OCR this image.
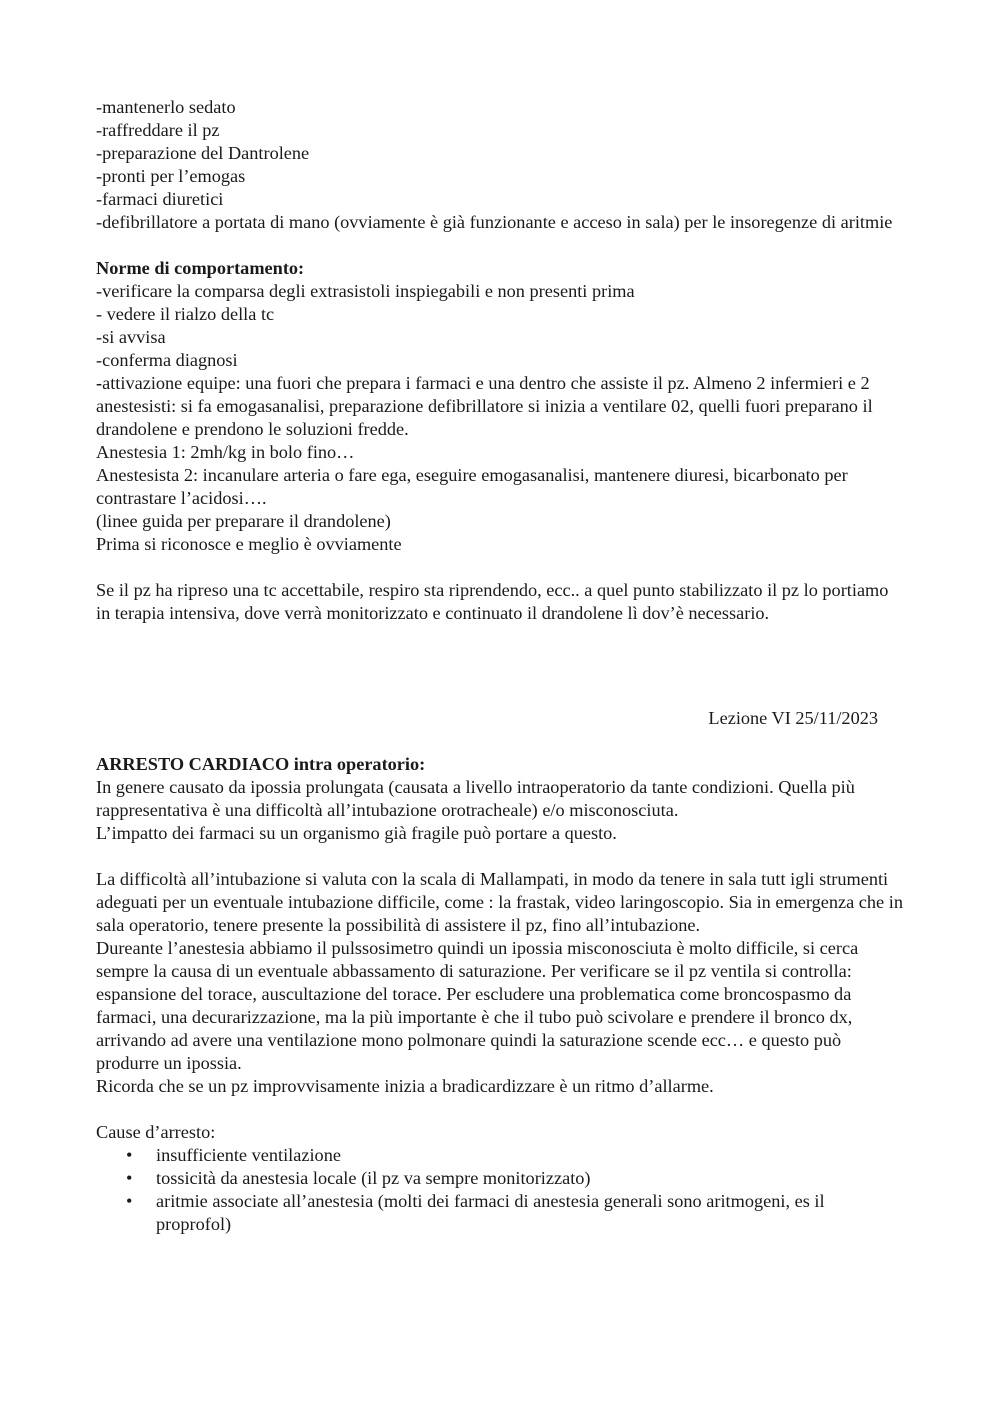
-mantenerlo sedato

-raffreddare il pz

-preparazione del Dantrolene

-pronti per l’emogas

-farmaci diuretici

-defibrillatore a portata di mano (ovviamente è già funzionante e acceso in sala) per le insoregenze di aritmie

Norme di comportamento:

-verificare la comparsa degli extrasistoli inspiegabili e non presenti prima

- vedere il rialzo della tc

-si avvisa

-conferma diagnosi

-attivazione equipe: una fuori che prepara i farmaci e una dentro che assiste il pz. Almeno 2 infermieri e 2 anestesisti: si fa emogasanalisi, preparazione defibrillatore si inizia a ventilare 02, quelli fuori preparano il drandolene e prendono le soluzioni fredde.

Anestesia 1: 2mh/kg in bolo fino…

Anestesista 2: incanulare arteria o fare ega, eseguire emogasanalisi, mantenere diuresi, bicarbonato per contrastare l’acidosi….

(linee guida per preparare il drandolene)

Prima si riconosce e meglio è ovviamente

Se il pz ha ripreso una tc accettabile, respiro sta riprendendo, ecc.. a quel punto stabilizzato il pz lo portiamo in terapia intensiva, dove verrà monitorizzato e continuato il drandolene lì dov’è necessario.

Lezione VI 25/11/2023

ARRESTO CARDIACO intra operatorio:

In genere causato da ipossia prolungata (causata a livello intraoperatorio da tante condizioni. Quella più rappresentativa è una difficoltà all’intubazione orotracheale) e/o misconosciuta.

L’impatto dei farmaci su un organismo già fragile può portare a questo.

La difficoltà all’intubazione si valuta con la scala di Mallampati, in modo da tenere in sala tutt igli strumenti adeguati per un eventuale intubazione difficile, come : la frastak, video laringoscopio. Sia in emergenza che in sala operatorio, tenere presente la possibilità di assistere il pz, fino all’intubazione.

Dureante l’anestesia abbiamo il pulssosimetro quindi un ipossia misconosciuta è molto difficile, si cerca sempre la causa di un eventuale abbassamento di saturazione. Per verificare se il pz ventila si controlla: espansione del torace, auscultazione del torace. Per escludere una problematica come broncospasmo da farmaci, una decurarizzazione, ma la più importante è che il tubo può scivolare e prendere il bronco dx, arrivando ad avere una ventilazione mono polmonare quindi la saturazione scende ecc… e questo può produrre un ipossia.

Ricorda che se un pz improvvisamente inizia a bradicardizzare è un ritmo d’allarme.

Cause d’arresto:

• insufficiente ventilazione
• tossicità da anestesia locale (il pz va sempre monitorizzato)
• aritmie associate all’anestesia (molti dei farmaci di anestesia generali sono aritmogeni, es il proprofol)
